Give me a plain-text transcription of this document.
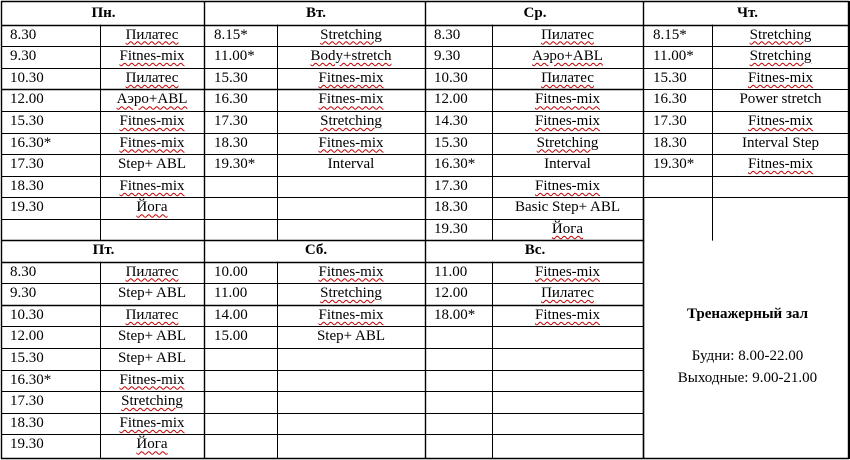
Пн.
8.30	Пилатес
9.30	Fitnes-mix
10.30	Пилатес
12.00	Аэро+ABL
15.30	Fitnes-mix
16.30*	Fitnes-mix
17.30	Step+ ABL
18.30	Fitnes-mix
19.30	Йога
Вт.
8.15*	Stretching
11.00*	Body+stretch
15.30	Fitnes-mix
16.30	Fitnes-mix
17.30	Stretching
18.30	Fitnes-mix
19.30*	Interval
Ср.
8.30	Пилатес
9.30	Аэро+ABL
10.30	Пилатес
12.00	Fitnes-mix
14.30	Fitnes-mix
15.30	Stretching
16.30*	Interval
17.30	Fitnes-mix
18.30	Basic Step+ ABL
19.30	Йога
Чт.
8.15*	Stretching
11.00*	Stretching
15.30	Fitnes-mix
16.30	Power stretch
17.30	Fitnes-mix
18.30	Interval Step
19.30*	Fitnes-mix
Пт.
8.30	Пилатес
9.30	Step+ ABL
10.30	Пилатес
12.00	Step+ ABL
15.30	Step+ ABL
16.30*	Fitnes-mix
17.30	Stretching
18.30	Fitnes-mix
19.30	Йога
Сб.
10.00	Fitnes-mix
11.00	Stretching
14.00	Fitnes-mix
15.00	Step+ ABL
Вс.
11.00	Fitnes-mix
12.00	Пилатес
18.00*	Fitnes-mix	Тренажерный зал
Будни: 8.00-22.00
Выходные: 9.00-21.00
